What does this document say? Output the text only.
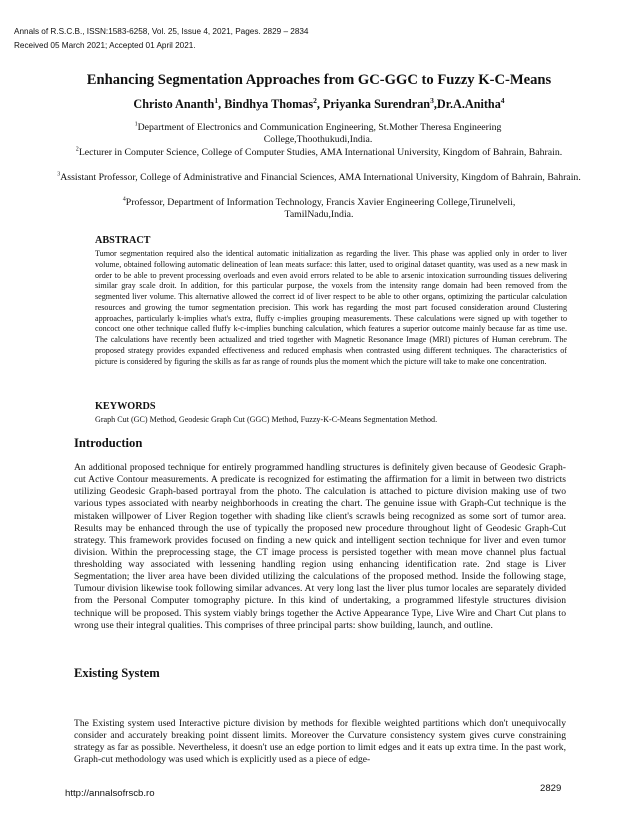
Annals of R.S.C.B., ISSN:1583-6258, Vol. 25, Issue 4, 2021, Pages. 2829 – 2834
Received 05 March 2021; Accepted 01 April 2021.
Enhancing Segmentation Approaches from GC-GGC to Fuzzy K-C-Means
Christo Ananth$^1$, Bindhya Thomas$^2$, Priyanka Surendran$^3$,Dr.A.Anitha$^4$
$^1$Department of Electronics and Communication Engineering, St.Mother Theresa Engineering College,Thoothukudi,India.
$^2$Lecturer in Computer Science, College of Computer Studies, AMA International University, Kingdom of Bahrain, Bahrain.
$^3$Assistant Professor, College of Administrative and Financial Sciences, AMA International University, Kingdom of Bahrain, Bahrain.
$^4$Professor, Department of Information Technology, Francis Xavier Engineering College,Tirunelveli, TamilNadu,India.
ABSTRACT
Tumor segmentation required also the identical automatic initialization as regarding the liver. This phase was applied only in order to liver volume, obtained following automatic delineation of lean meats surface: this latter, used to original dataset quantity, was used as a new mask in order to be able to prevent processing overloads and even avoid errors related to be able to arsenic intoxication surrounding tissues delivering similar gray scale droit. In addition, for this particular purpose, the voxels from the intensity range domain had been removed from the segmented liver volume. This alternative allowed the correct id of liver respect to be able to other organs, optimizing the particular calculation resources and growing the tumor segmentation precision. This work has regarding the most part focused consideration around Clustering approaches, particularly k-implies what's extra, fluffy c-implies grouping measurements. These calculations were signed up with together to concoct one other technique called fluffy k-c-implies bunching calculation, which features a superior outcome mainly because far as time use. The calculations have recently been actualized and tried together with Magnetic Resonance Image (MRI) pictures of Human cerebrum. The proposed strategy provides expanded effectiveness and reduced emphasis when contrasted using different techniques. The characteristics of picture is considered by figuring the skills as far as range of rounds plus the moment which the picture will take to make one concentration.
KEYWORDS
Graph Cut (GC) Method, Geodesic Graph Cut (GGC) Method, Fuzzy-K-C-Means Segmentation Method.
Introduction
An additional proposed technique for entirely programmed handling structures is definitely given because of Geodesic Graph-cut Active Contour measurements. A predicate is recognized for estimating the affirmation for a limit in between two districts utilizing Geodesic Graph-based portrayal from the photo. The calculation is attached to picture division making use of two various types associated with nearby neighborhoods in creating the chart. The genuine issue with Graph-Cut technique is the mistaken willpower of Liver Region together with shading like client's scrawls being recognized as some sort of tumor area. Results may be enhanced through the use of typically the proposed new procedure throughout light of Geodesic Graph-Cut strategy. This framework provides focused on finding a new quick and intelligent section technique for liver and even tumor division. Within the preprocessing stage, the CT image process is persisted together with mean move channel plus factual thresholding way associated with lessening handling region using enhancing identification rate. 2nd stage is Liver Segmentation; the liver area have been divided utilizing the calculations of the proposed method. Inside the following stage, Tumour division likewise took following similar advances. At very long last the liver plus tumor locales are separately divided from the Personal Computer tomography picture. In this kind of undertaking, a programmed lifestyle structures division technique will be proposed. This system viably brings together the Active Appearance Type, Live Wire and Chart Cut plans to wrong use their integral qualities. This comprises of three principal parts: show building, launch, and outline.
Existing System
The Existing system used Interactive picture division by methods for flexible weighted partitions which don't unequivocally consider and accurately breaking point dissent limits. Moreover the Curvature consistency system gives curve constraining strategy as far as possible. Nevertheless, it doesn't use an edge portion to limit edges and it eats up extra time. In the past work, Graph-cut methodology was used which is explicitly used as a piece of edge-
http://annalsofrscb.ro	2829
